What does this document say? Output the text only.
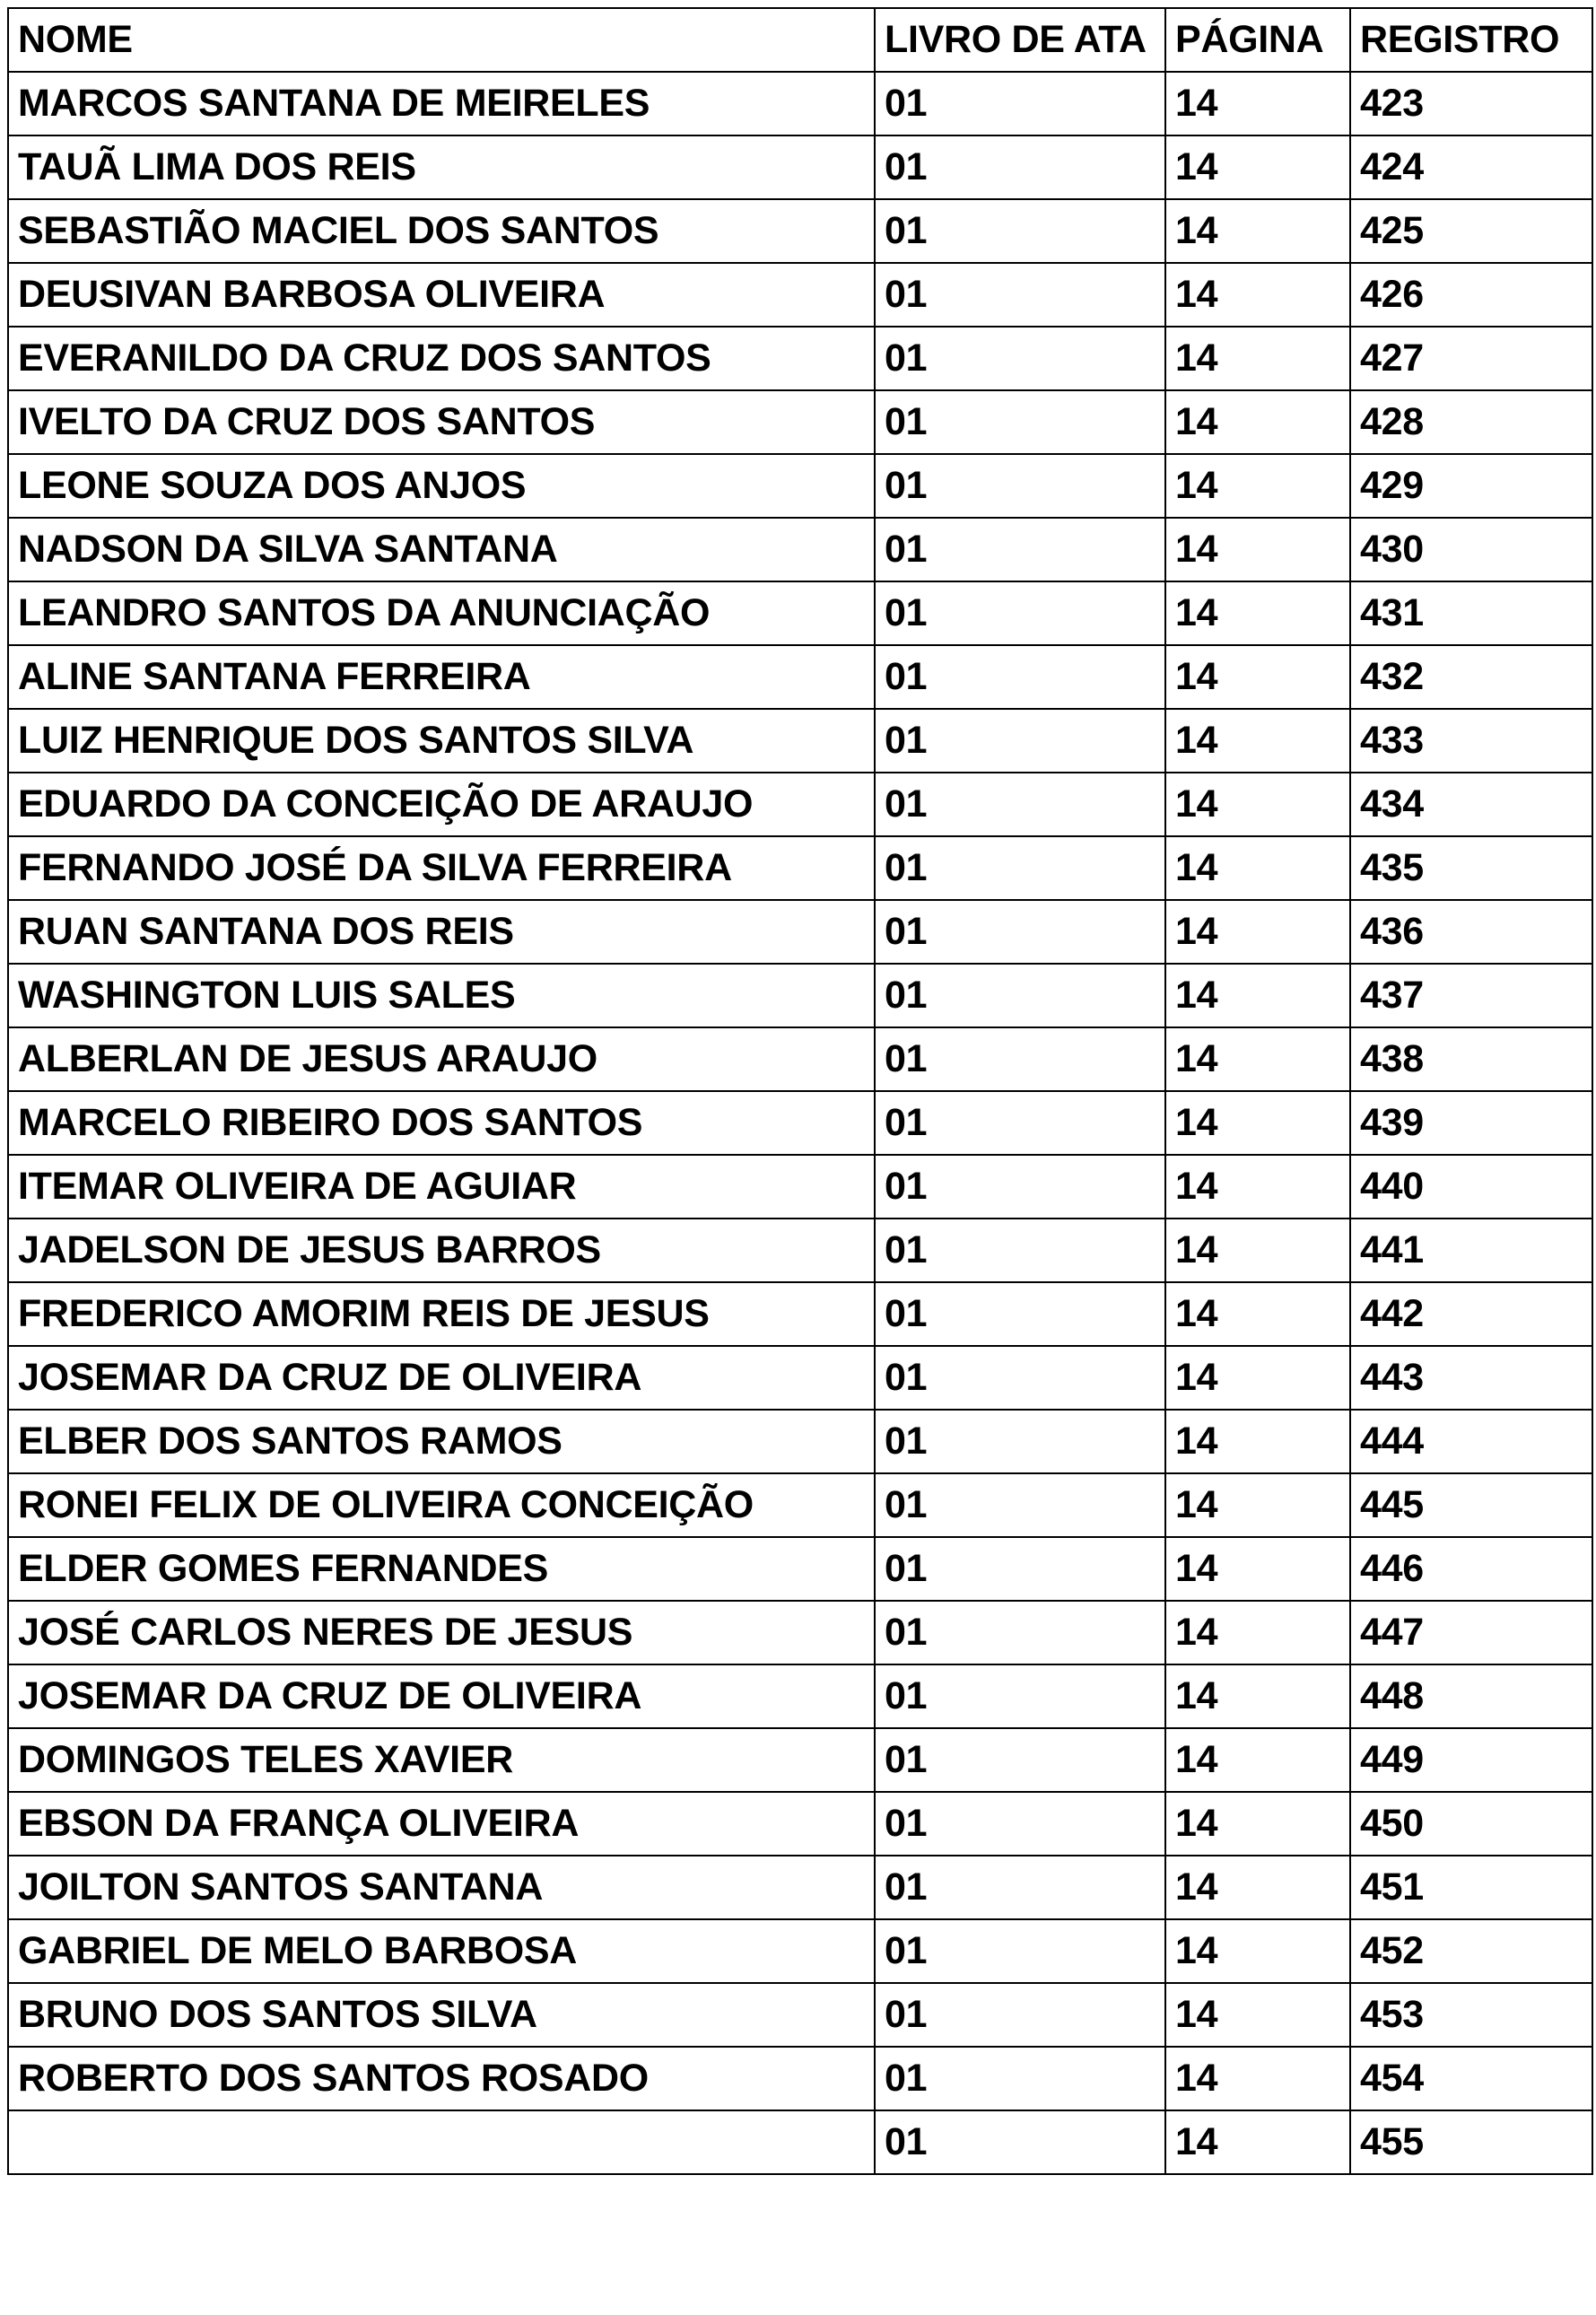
NOME	LIVRO DE ATA	PÁGINA	REGISTRO
MARCOS SANTANA DE MEIRELES	01	14	423
TAUÃ LIMA DOS REIS	01	14	424
SEBASTIÃO MACIEL DOS SANTOS	01	14	425
DEUSIVAN BARBOSA OLIVEIRA	01	14	426
EVERANILDO DA CRUZ DOS SANTOS	01	14	427
IVELTO DA CRUZ DOS SANTOS	01	14	428
LEONE SOUZA DOS ANJOS	01	14	429
NADSON DA SILVA SANTANA	01	14	430
LEANDRO SANTOS DA ANUNCIAÇÃO	01	14	431
ALINE SANTANA FERREIRA	01	14	432
LUIZ HENRIQUE DOS SANTOS SILVA	01	14	433
EDUARDO DA CONCEIÇÃO DE ARAUJO	01	14	434
FERNANDO JOSÉ DA SILVA FERREIRA	01	14	435
RUAN SANTANA DOS REIS	01	14	436
WASHINGTON LUIS SALES	01	14	437
ALBERLAN DE JESUS ARAUJO	01	14	438
MARCELO RIBEIRO DOS SANTOS	01	14	439
ITEMAR OLIVEIRA DE AGUIAR	01	14	440
JADELSON DE JESUS BARROS	01	14	441
FREDERICO AMORIM REIS DE JESUS	01	14	442
JOSEMAR DA CRUZ DE OLIVEIRA	01	14	443
ELBER DOS SANTOS RAMOS	01	14	444
RONEI FELIX DE OLIVEIRA CONCEIÇÃO	01	14	445
ELDER GOMES FERNANDES	01	14	446
JOSÉ CARLOS NERES DE JESUS	01	14	447
JOSEMAR DA CRUZ DE OLIVEIRA	01	14	448
DOMINGOS TELES XAVIER	01	14	449
EBSON DA FRANÇA OLIVEIRA	01	14	450
JOILTON SANTOS SANTANA	01	14	451
GABRIEL DE MELO BARBOSA	01	14	452
BRUNO DOS SANTOS SILVA	01	14	453
ROBERTO DOS SANTOS ROSADO	01	14	454
	01	14	455
